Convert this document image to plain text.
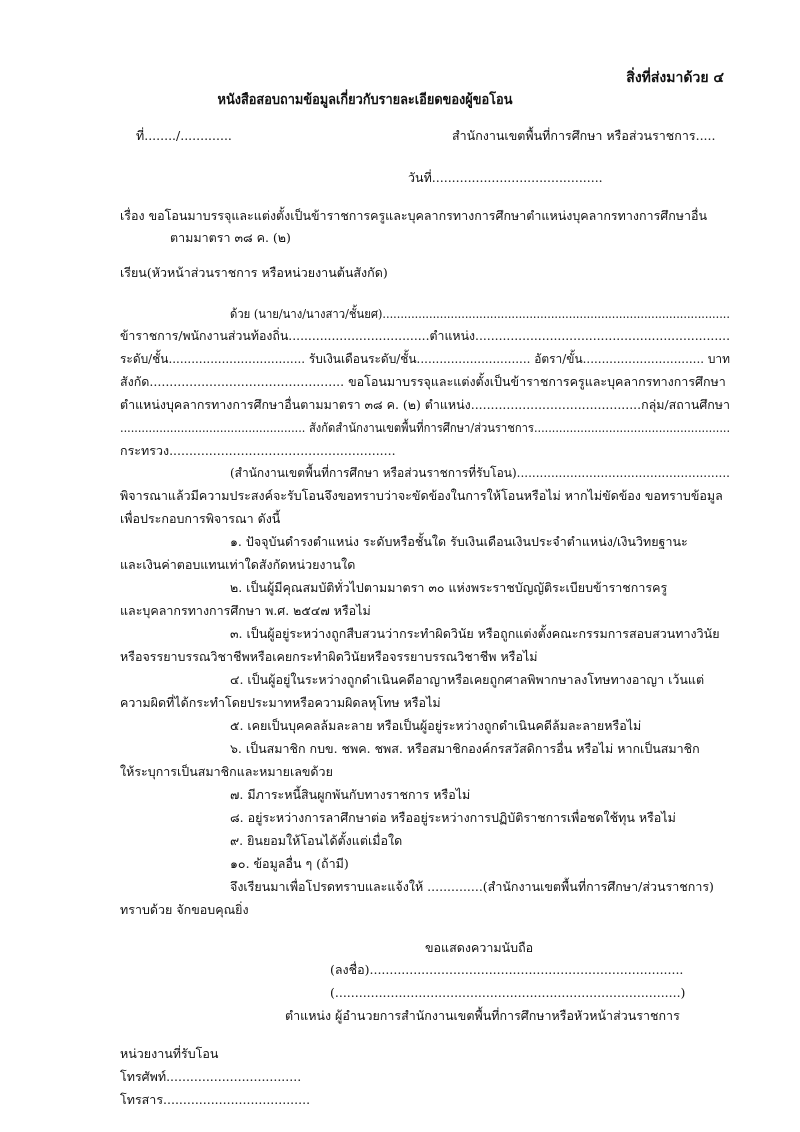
สิ่งที่ส่งมาด้วย ๔
หนังสือสอบถามข้อมูลเกี่ยวกับรายละเอียดของผู้ขอโอน
ที่......../.............	สำนักงานเขตพื้นที่การศึกษา หรือส่วนราชการ.....
วันที่...........................................
เรื่อง ขอโอนมาบรรจุและแต่งตั้งเป็นข้าราชการครูและบุคลากรทางการศึกษาตำแหน่งบุคลากรทางการศึกษาอื่น
ตามมาตรา ๓๘ ค. (๒)
เรียน(หัวหน้าส่วนราชการ หรือหน่วยงานต้นสังกัด)
ด้วย (นาย/นาง/นางสาว/ชั้นยศ).................................................................................................
ข้าราชการ/พนักงานส่วนท้องถิ่น....................................ตำแหน่ง.................................................................
ระดับ/ชั้น.................................... รับเงินเดือนระดับ/ชั้น.............................. อัตรา/ขั้น................................ บาท
สังกัด................................................. ขอโอนมาบรรจุและแต่งตั้งเป็นข้าราชการครูและบุคลากรทางการศึกษา
ตำแหน่งบุคลากรทางการศึกษาอื่นตามมาตรา ๓๘ ค. (๒) ตำแหน่ง...........................................กลุ่ม/สถานศึกษา
.................................................... สังกัดสำนักงานเขตพื้นที่การศึกษา/ส่วนราชการ.......................................................
กระทรวง.........................................................
(สำนักงานเขตพื้นที่การศึกษา หรือส่วนราชการที่รับโอน)........................................................
พิจารณาแล้วมีความประสงค์จะรับโอนจึงขอทราบว่าจะขัดข้องในการให้โอนหรือไม่ หากไม่ขัดข้อง ขอทราบข้อมูล
เพื่อประกอบการพิจารณา ดังนี้
๑. ปัจจุบันดำรงตำแหน่ง ระดับหรือชั้นใด รับเงินเดือนเงินประจำตำแหน่ง/เงินวิทยฐานะ
และเงินค่าตอบแทนเท่าใดสังกัดหน่วยงานใด
๒. เป็นผู้มีคุณสมบัติทั่วไปตามมาตรา ๓๐ แห่งพระราชบัญญัติระเบียบข้าราชการครู
และบุคลากรทางการศึกษา พ.ศ. ๒๕๔๗ หรือไม่
๓. เป็นผู้อยู่ระหว่างถูกสืบสวนว่ากระทำผิดวินัย หรือถูกแต่งตั้งคณะกรรมการสอบสวนทางวินัย
หรือจรรยาบรรณวิชาชีพหรือเคยกระทำผิดวินัยหรือจรรยาบรรณวิชาชีพ หรือไม่
๔. เป็นผู้อยู่ในระหว่างถูกดำเนินคดีอาญาหรือเคยถูกศาลพิพากษาลงโทษทางอาญา เว้นแต่
ความผิดที่ได้กระทำโดยประมาทหรือความผิดลหุโทษ หรือไม่
๕. เคยเป็นบุคคลล้มละลาย หรือเป็นผู้อยู่ระหว่างถูกดำเนินคดีล้มละลายหรือไม่
๖. เป็นสมาชิก กบข. ชพค. ชพส. หรือสมาชิกองค์กรสวัสดิการอื่น หรือไม่ หากเป็นสมาชิก
ให้ระบุการเป็นสมาชิกและหมายเลขด้วย
๗. มีภาระหนี้สินผูกพันกับทางราชการ หรือไม่
๘. อยู่ระหว่างการลาศึกษาต่อ หรืออยู่ระหว่างการปฏิบัติราชการเพื่อชดใช้ทุน หรือไม่
๙. ยินยอมให้โอนได้ตั้งแต่เมื่อใด
๑๐. ข้อมูลอื่น ๆ (ถ้ามี)
จึงเรียนมาเพื่อโปรดทราบและแจ้งให้ ..............(สำนักงานเขตพื้นที่การศึกษา/ส่วนราชการ)
ทราบด้วย จักขอบคุณยิ่ง
ขอแสดงความนับถือ
(ลงชื่อ)...............................................................................
(.......................................................................................)
ตำแหน่ง ผู้อำนวยการสำนักงานเขตพื้นที่การศึกษาหรือหัวหน้าส่วนราชการ
หน่วยงานที่รับโอน
โทรศัพท์..................................
โทรสาร.....................................
